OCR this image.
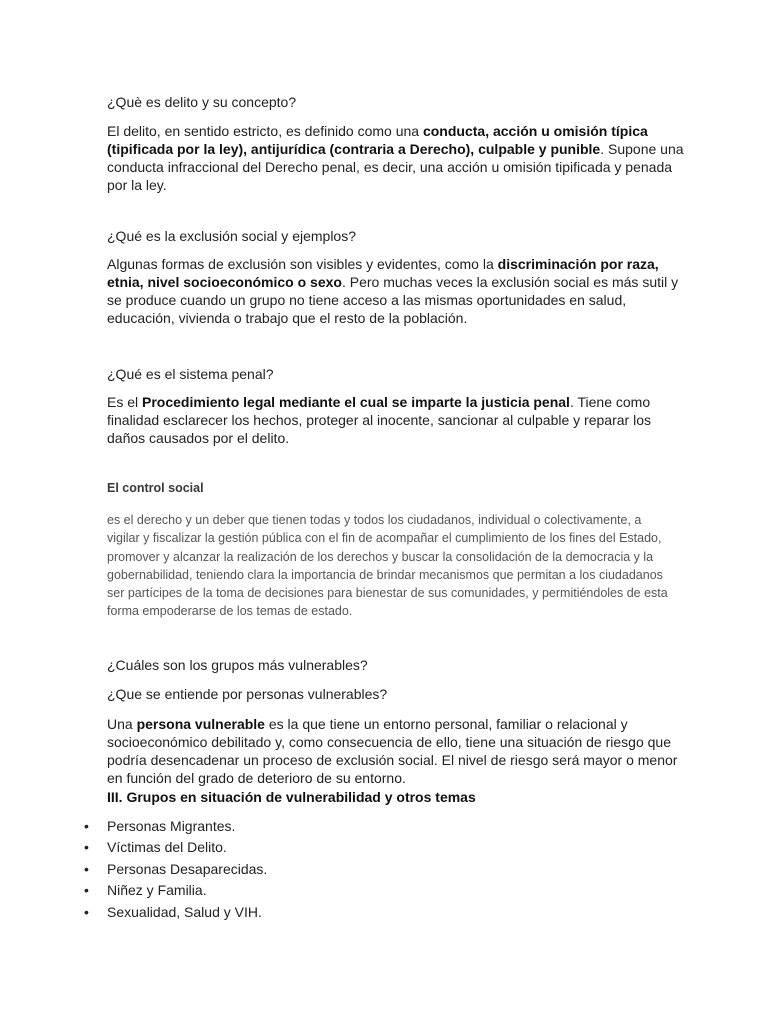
¿Què es delito y su concepto?
El delito, en sentido estricto, es definido como una conducta, acción u omisión típica (tipificada por la ley), antijurídica (contraria a Derecho), culpable y punible. Supone una conducta infraccional del Derecho penal, es decir, una acción u omisión tipificada y penada por la ley.
¿Qué es la exclusión social y ejemplos?
Algunas formas de exclusión son visibles y evidentes, como la discriminación por raza, etnia, nivel socioeconómico o sexo. Pero muchas veces la exclusión social es más sutil y se produce cuando un grupo no tiene acceso a las mismas oportunidades en salud, educación, vivienda o trabajo que el resto de la población.
¿Qué es el sistema penal?
Es el Procedimiento legal mediante el cual se imparte la justicia penal. Tiene como finalidad esclarecer los hechos, proteger al inocente, sancionar al culpable y reparar los daños causados por el delito.
El control social
es el derecho y un deber que tienen todas y todos los ciudadanos, individual o colectivamente, a vigilar y fiscalizar la gestión pública con el fin de acompañar el cumplimiento de los fines del Estado, promover y alcanzar la realización de los derechos y buscar la consolidación de la democracia y la gobernabilidad, teniendo clara la importancia de brindar mecanismos que permitan a los ciudadanos ser partícipes de la toma de decisiones para bienestar de sus comunidades, y permitiéndoles de esta forma empoderarse de los temas de estado.
¿Cuáles son los grupos más vulnerables?
¿Que se entiende por personas vulnerables?
Una persona vulnerable es la que tiene un entorno personal, familiar o relacional y socioeconómico debilitado y, como consecuencia de ello, tiene una situación de riesgo que podría desencadenar un proceso de exclusión social. El nivel de riesgo será mayor o menor en función del grado de deterioro de su entorno.
III. Grupos en situación de vulnerabilidad y otros temas
• Personas Migrantes.
• Víctimas del Delito.
• Personas Desaparecidas.
• Niñez y Familia.
• Sexualidad, Salud y VIH.
